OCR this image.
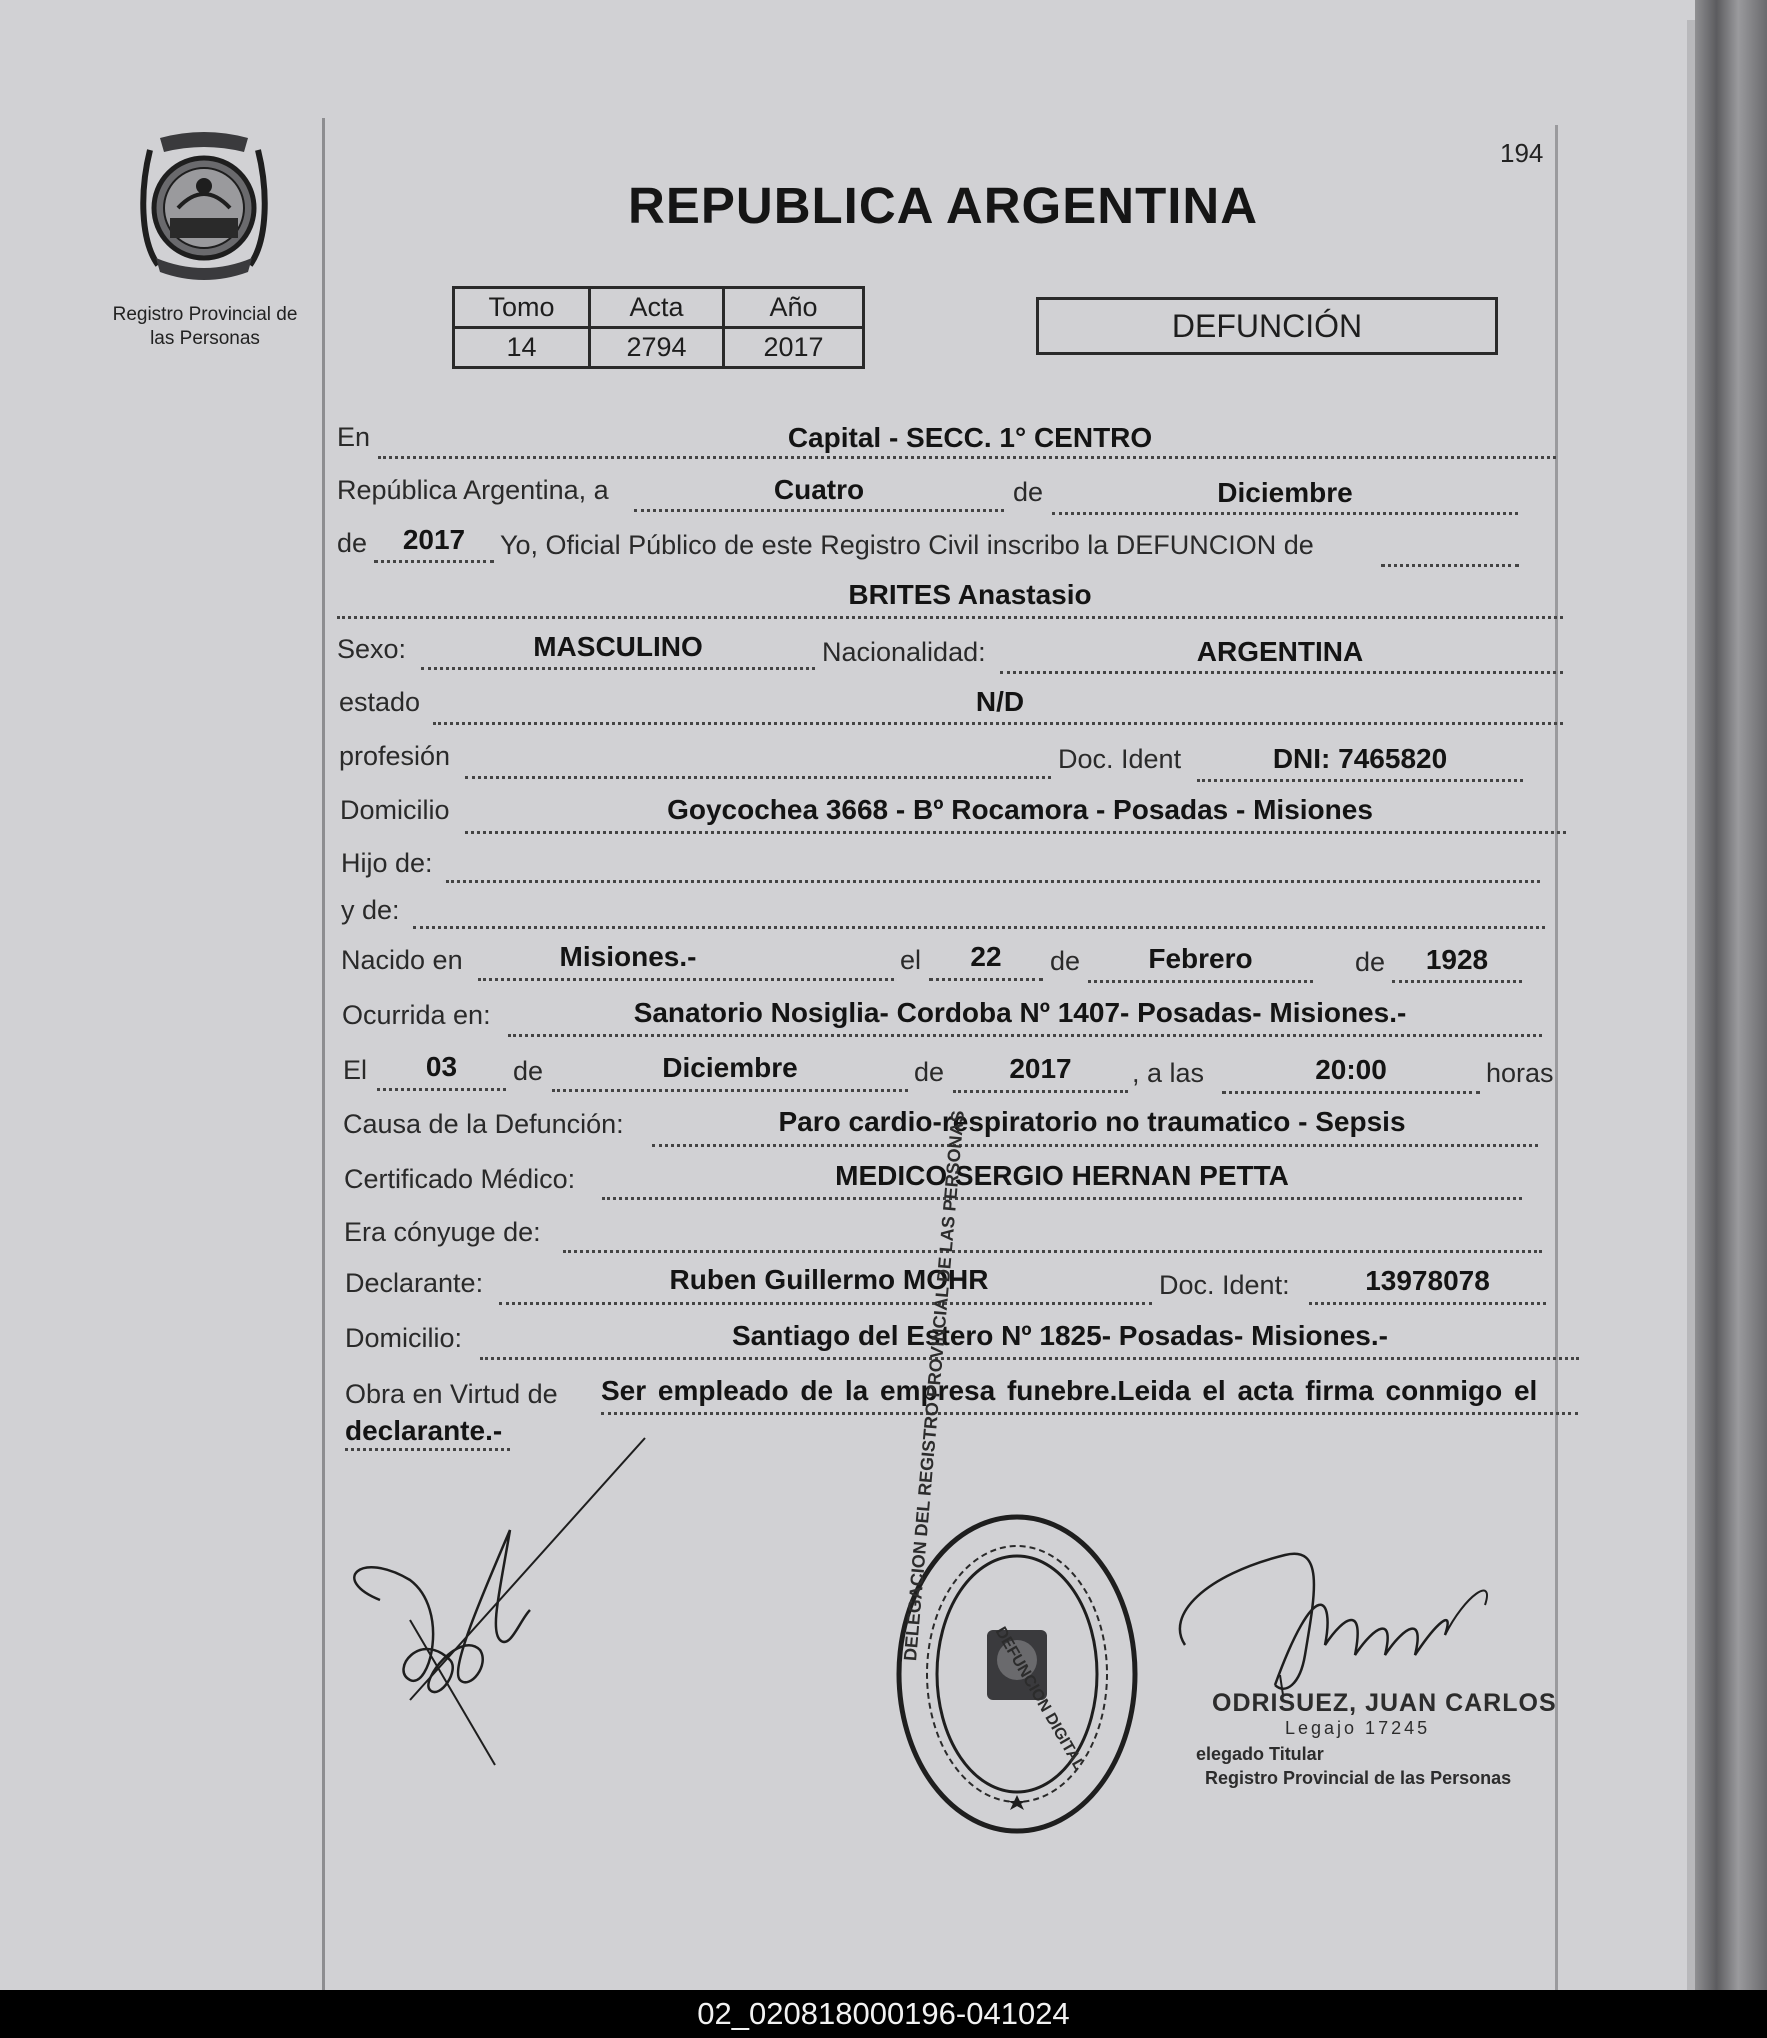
Registro Provincial de
las Personas
194
REPUBLICA ARGENTINA
Tomo	Acta	Año
14	2794	2017
DEFUNCIÓN
En	Capital - SECC. 1° CENTRO
República Argentina, a	Cuatro	de	Diciembre
de	2017	Yo, Oficial Público de este Registro Civil inscribo la DEFUNCION de
BRITES Anastasio
Sexo:	MASCULINO	Nacionalidad:	ARGENTINA
estado	N/D
profesión	Doc. Ident	DNI: 7465820
Domicilio	Goycochea 3668 - Bº Rocamora - Posadas - Misiones
Hijo de:
y de:
Nacido en	Misiones.-	el	22	de	Febrero	de	1928
Ocurrida en:	Sanatorio Nosiglia- Cordoba Nº 1407- Posadas- Misiones.-
El	03	de	Diciembre	de	2017	, a las	20:00	horas
Causa de la Defunción:	Paro cardio-respiratorio no traumatico - Sepsis
Certificado Médico:	MEDICO SERGIO HERNAN PETTA
Era cónyuge de:
Declarante:	Ruben Guillermo MOHR	Doc. Ident:	13978078
Domicilio:	Santiago del Estero Nº 1825- Posadas- Misiones.-
Obra en Virtud de Ser empleado de la empresa funebre.Leida el acta firma conmigo el
declarante.-	DELEGACION DEL REGISTRO PROVINCIAL DE LAS PERSONAS
DEFUNCION DIGITAL	ODRISUEZ, JUAN CARLOS
Legajo 17245
elegado Titular
Registro Provincial de las Personas
02_020818000196-041024
